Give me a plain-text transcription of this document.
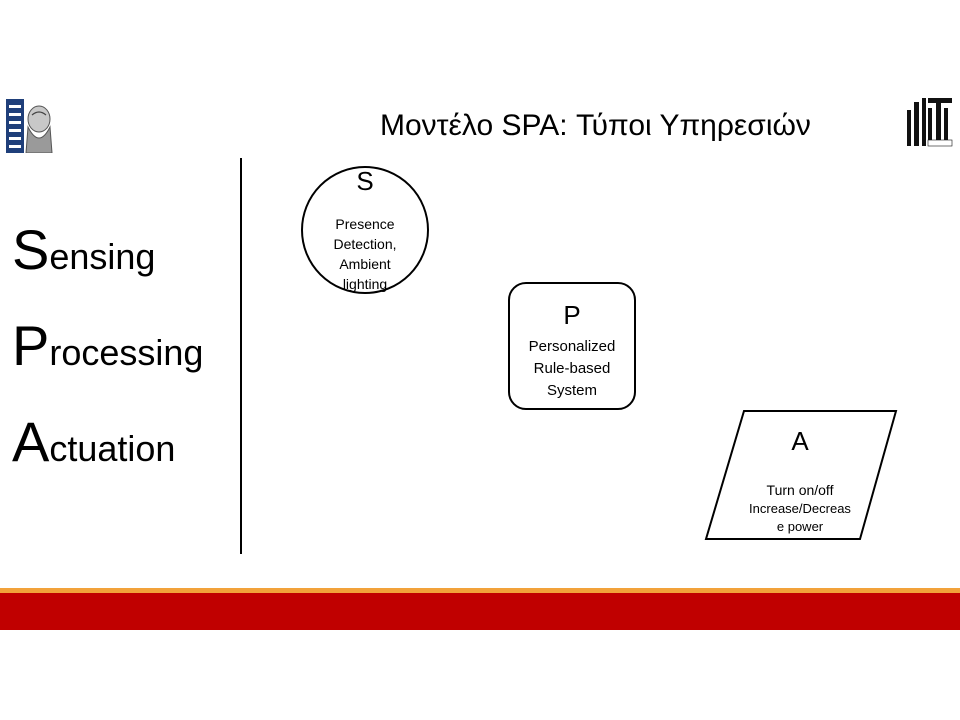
Μοντέλο SPA: Τύποι Υπηρεσιών
Sensing
Processing
Actuation
S
Presence
Detection,
Ambient
lighting
P
Personalized
Rule-based
System
A
Turn on/off
Increase/Decreas
e power
